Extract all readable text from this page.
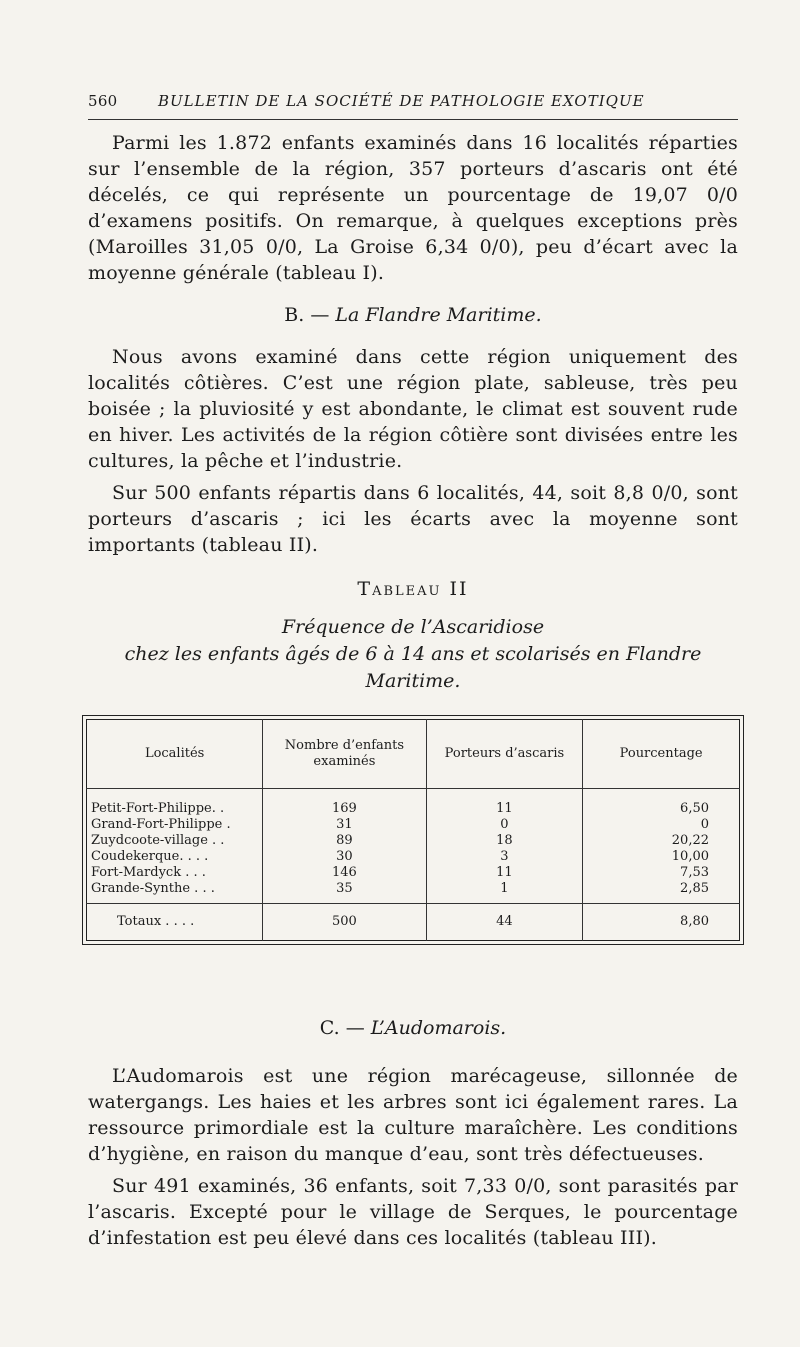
560	BULLETIN DE LA SOCIÉTÉ DE PATHOLOGIE EXOTIQUE

Parmi les 1.872 enfants examinés dans 16 localités réparties sur l’ensemble de la région, 357 porteurs d’ascaris ont été décelés, ce qui représente un pourcentage de 19,07 0/0 d’examens positifs. On remarque, à quelques exceptions près (Maroilles 31,05 0/0, La Groise 6,34 0/0), peu d’écart avec la moyenne générale (tableau I).

B. — La Flandre Maritime.

Nous avons examiné dans cette région uniquement des localités côtières. C’est une région plate, sableuse, très peu boisée ; la pluviosité y est abondante, le climat est souvent rude en hiver. Les activités de la région côtière sont divisées entre les cultures, la pêche et l’industrie.

Sur 500 enfants répartis dans 6 localités, 44, soit 8,8 0/0, sont porteurs d’ascaris ; ici les écarts avec la moyenne sont importants (tableau II).

Tableau II
Fréquence de l’Ascaridiose
chez les enfants âgés de 6 à 14 ans et scolarisés en Flandre Maritime.
Localités	Nombre d’enfants examinés	Porteurs d’ascaris	Pourcentage
Petit-Fort-Philippe. .	169	11	6,50
Grand-Fort-Philippe .	31	0	0
Zuydcoote-village . .	89	18	20,22
Coudekerque. . . .	30	3	10,00
Fort-Mardyck . . .	146	11	7,53
Grande-Synthe . . .	35	1	2,85
Totaux . . . .	500	44	8,80
C. — L’Audomarois.

L’Audomarois est une région marécageuse, sillonnée de watergangs. Les haies et les arbres sont ici également rares. La ressource primordiale est la culture maraîchère. Les conditions d’hygiène, en raison du manque d’eau, sont très défectueuses.

Sur 491 examinés, 36 enfants, soit 7,33 0/0, sont parasités par l’ascaris. Excepté pour le village de Serques, le pourcentage d’infestation est peu élevé dans ces localités (tableau III).
